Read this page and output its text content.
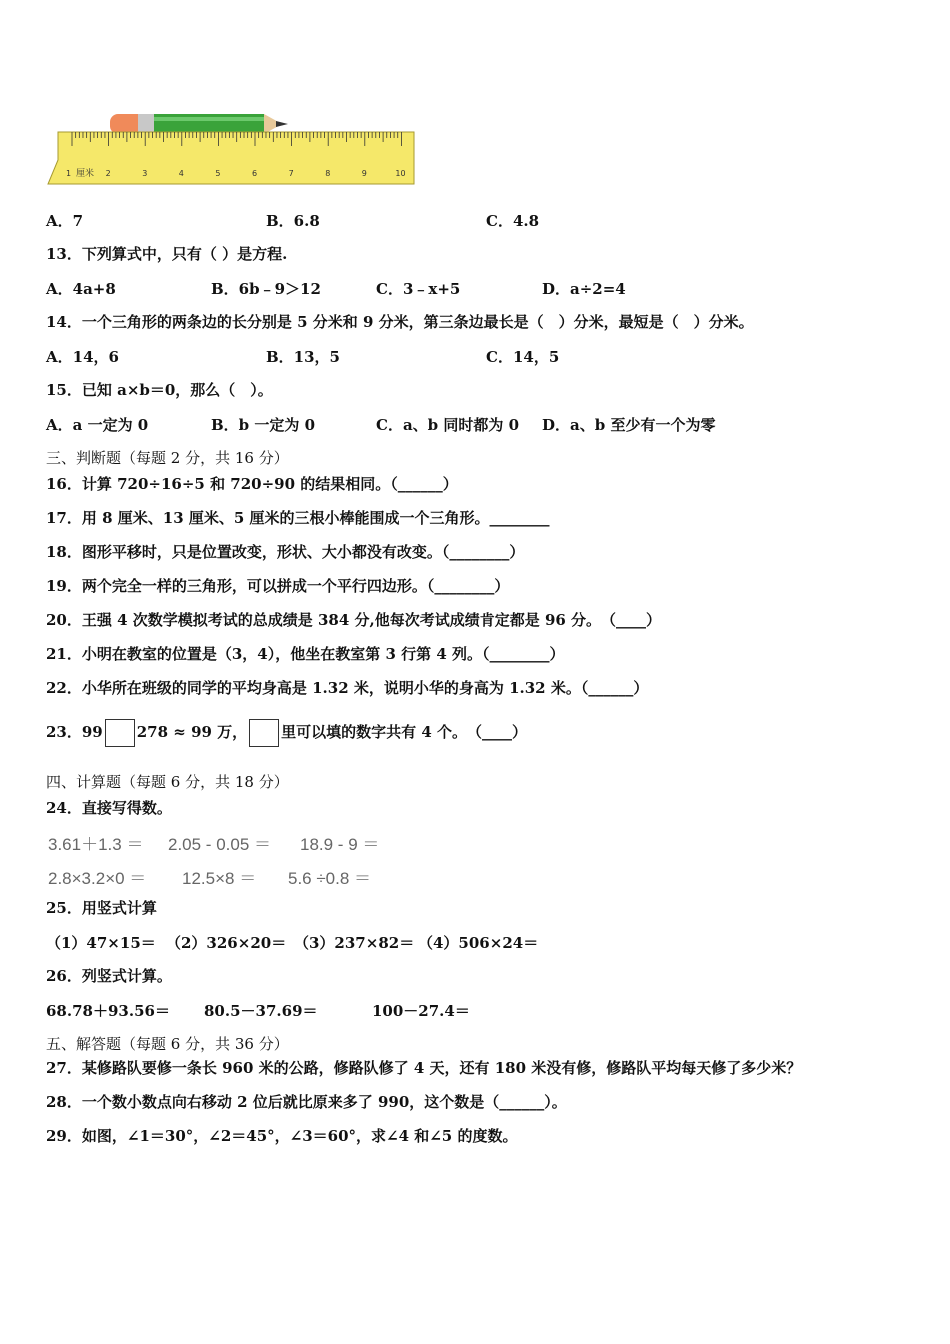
厘米
1	2	3	4	5	6	7	8	9	10
A．7	B．6.8	C．4.8
13．下列算式中，只有（ ）是方程.
A．4a+8	B．6b﹣9＞12	C．3﹣x+5	D．a÷2=4
14．一个三角形的两条边的长分别是 5 分米和 9 分米，第三条边最长是（　）分米，最短是（　）分米。
A．14，6	B．13，5	C．14，5
15．已知 a×b＝0，那么（　）。
A．a 一定为 0	B．b 一定为 0	C．a、b 同时都为 0 D．a、b 至少有一个为零
三、判断题（每题 2 分，共 16 分）
16．计算 720÷16÷5 和 720÷90 的结果相同。（______）
17．用 8 厘米、13 厘米、5 厘米的三根小棒能围成一个三角形。________
18．图形平移时，只是位置改变，形状、大小都没有改变。（________）
19．两个完全一样的三角形，可以拼成一个平行四边形。（________）
20．王强 4 次数学模拟考试的总成绩是 384 分,他每次考试成绩肯定都是 96 分。　（____）
21．小明在教室的位置是（3，4），他坐在教室第 3 行第 4 列。（________）
22．小华所在班级的同学的平均身高是 1.32 米，说明小华的身高为 1.32 米。（______）
23．99 278 ≈ 99 万， 里可以填的数字共有 4 个。　（____）
四、计算题（每题 6 分，共 18 分）
24．直接写得数。
3.61＋1.3 ＝ 2.05 - 0.05 ＝ 18.9 - 9 ＝
2.8×3.2×0 ＝ 12.5×8 ＝ 5.6 ÷0.8 ＝
25．用竖式计算
（1）47×15＝ （2）326×20＝ （3）237×82＝ （4）506×24＝
26．列竖式计算。
68.78＋93.56＝ 80.5－37.69＝	100－27.4＝
五、解答题（每题 6 分，共 36 分）
27．某修路队要修一条长 960 米的公路，修路队修了 4 天，还有 180 米没有修，修路队平均每天修了多少米？
28．一个数小数点向右移动 2 位后就比原来多了 990，这个数是（______）。
29．如图，∠1＝30°，∠2＝45°，∠3＝60°，求∠4 和∠5 的度数。
